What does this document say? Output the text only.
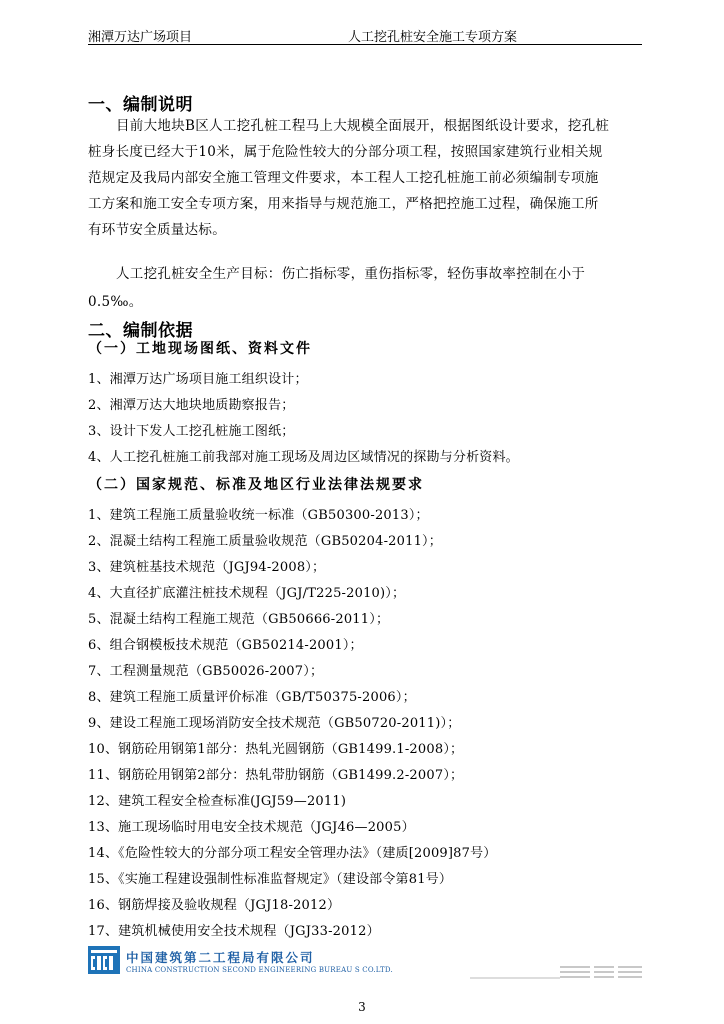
湘潭万达广场项目	人工挖孔桩安全施工专项方案
一、编制说明
目前大地块B区人工挖孔桩工程马上大规模全面展开，根据图纸设计要求，挖孔桩
桩身长度已经大于10米，属于危险性较大的分部分项工程，按照国家建筑行业相关规
范规定及我局内部安全施工管理文件要求，本工程人工挖孔桩施工前必须编制专项施
工方案和施工安全专项方案，用来指导与规范施工，严格把控施工过程，确保施工所
有环节安全质量达标。
人工挖孔桩安全生产目标：伤亡指标零，重伤指标零，轻伤事故率控制在小于
0.5‰。
二、编制依据
（一）工地现场图纸、资料文件
1、湘潭万达广场项目施工组织设计；
2、湘潭万达大地块地质勘察报告；
3、设计下发人工挖孔桩施工图纸；
4、人工挖孔桩施工前我部对施工现场及周边区域情况的探勘与分析资料。
（二）国家规范、标准及地区行业法律法规要求
1、建筑工程施工质量验收统一标准（GB50300-2013）；
2、混凝土结构工程施工质量验收规范（GB50204-2011）；
3、建筑桩基技术规范（JGJ94-2008）；
4、大直径扩底灌注桩技术规程（JGJ/T225-2010)）；
5、混凝土结构工程施工规范（GB50666-2011）；
6、组合钢模板技术规范（GB50214-2001）；
7、工程测量规范（GB50026-2007）；
8、建筑工程施工质量评价标准（GB/T50375-2006）；
9、建设工程施工现场消防安全技术规范（GB50720-2011)）；
10、钢筋砼用钢第1部分：热轧光圆钢筋（GB1499.1-2008）；
11、钢筋砼用钢第2部分：热轧带肋钢筋（GB1499.2-2007）；
12、建筑工程安全检查标准(JGJ59—2011)
13、施工现场临时用电安全技术规范（JGJ46—2005）
14、《危险性较大的分部分项工程安全管理办法》（建质[2009]87号）
15、《实施工程建设强制性标准监督规定》（建设部令第81号）
16、钢筋焊接及验收规程（JGJ18-2012）
17、建筑机械使用安全技术规程（JGJ33-2012）
中国建筑第二工程局有限公司
CHINA CONSTRUCTION SECOND ENGINEERING BUREAU S CO.LTD.
3
